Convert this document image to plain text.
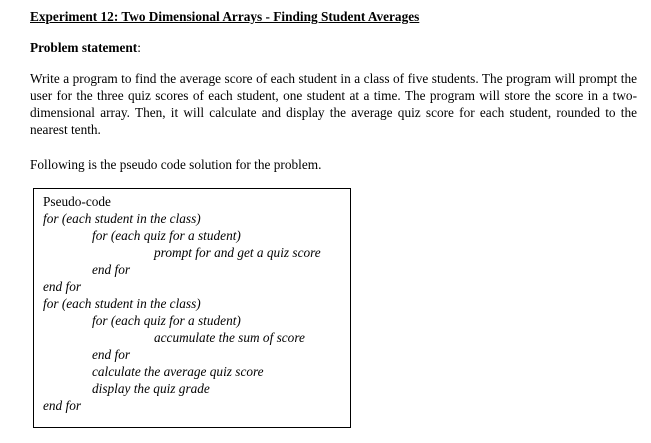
Experiment 12: Two Dimensional Arrays - Finding Student Averages

Problem statement:

Write a program to find the average score of each student in a class of five students. The program will prompt the user for the three quiz scores of each student, one student at a time. The program will store the score in a two-dimensional array. Then, it will calculate and display the average quiz score for each student, rounded to the nearest tenth.

Following is the pseudo code solution for the problem.

Pseudo-code
for (each student in the class)
for (each quiz for a student)
prompt for and get a quiz score
end for
end for
for (each student in the class)
for (each quiz for a student)
accumulate the sum of score
end for
calculate the average quiz score
display the quiz grade
end for
